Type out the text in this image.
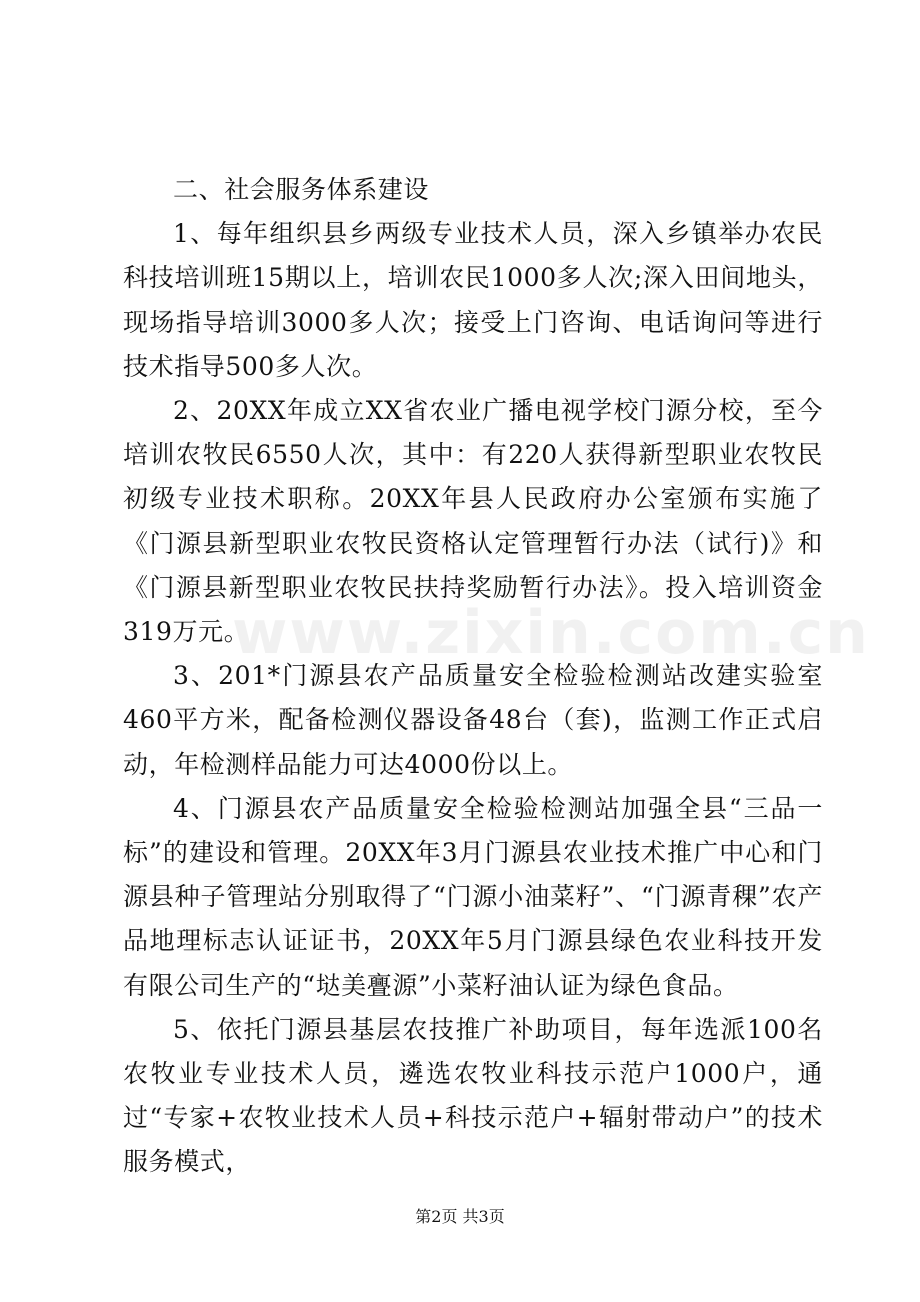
www.zixin.com.cn
二、社会服务体系建设

1、每年组织县乡两级专业技术人员，深入乡镇举办农民科技培训班15期以上，培训农民1000多人次;深入田间地头，现场指导培训3000多人次；接受上门咨询、电话询问等进行技术指导500多人次。

2、20XX年成立XX省农业广播电视学校门源分校，至今培训农牧民6550人次，其中：有220人获得新型职业农牧民初级专业技术职称。20XX年县人民政府办公室颁布实施了《门源县新型职业农牧民资格认定管理暂行办法（试行)》和《门源县新型职业农牧民扶持奖励暂行办法》。投入培训资金319万元。

3、201*门源县农产品质量安全检验检测站改建实验室460平方米，配备检测仪器设备48台（套)，监测工作正式启动，年检测样品能力可达4000份以上。

4、门源县农产品质量安全检验检测站加强全县“三品一标”的建设和管理。20XX年3月门源县农业技术推广中心和门源县种子管理站分别取得了“门源小油菜籽”、“门源青稞”农产品地理标志认证证书，20XX年5月门源县绿色农业科技开发有限公司生产的“垯美亹源”小菜籽油认证为绿色食品。

5、依托门源县基层农技推广补助项目，每年选派100名农牧业专业技术人员，遴选农牧业科技示范户1000户，通过“专家+农牧业技术人员+科技示范户+辐射带动户”的技术服务模式，

第2页 共3页
